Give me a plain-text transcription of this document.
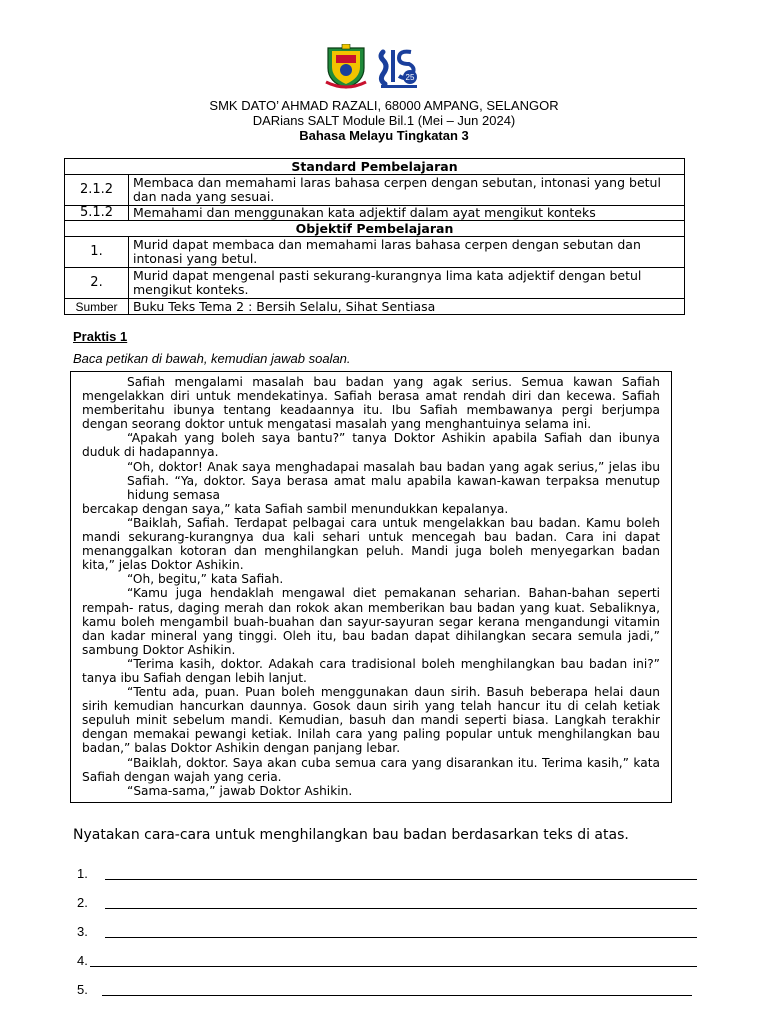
25
SMK DATO’ AHMAD RAZALI, 68000 AMPANG, SELANGOR
DARians SALT Module Bil.1 (Mei – Jun 2024)
Bahasa Melayu Tingkatan 3
Standard Pembelajaran	
2.1.2	Membaca dan memahami laras bahasa cerpen dengan sebutan, intonasi yang betul dan nada yang sesuai.
5.1.2	Memahami dan menggunakan kata adjektif dalam ayat mengikut konteks
Objektif Pembelajaran	
1.	Murid dapat membaca dan memahami laras bahasa cerpen dengan sebutan dan intonasi yang betul.
2.	Murid dapat mengenal pasti sekurang-kurangnya lima kata adjektif dengan betul mengikut konteks.
Sumber	Buku Teks Tema 2 : Bersih Selalu, Sihat Sentiasa
Praktis 1
Baca petikan di bawah, kemudian jawab soalan.

Safiah mengalami masalah bau badan yang agak serius. Semua kawan Safiah mengelakkan diri untuk mendekatinya. Safiah berasa amat rendah diri dan kecewa. Safiah memberitahu ibunya tentang keadaannya itu. Ibu Safiah membawanya pergi berjumpa dengan seorang doktor untuk mengatasi masalah yang menghantuinya selama ini.

“Apakah yang boleh saya bantu?” tanya Doktor Ashikin apabila Safiah dan ibunya duduk di hadapannya.

“Oh, doktor! Anak saya menghadapai masalah bau badan yang agak serius,” jelas ibu Safiah. “Ya, doktor. Saya berasa amat malu apabila kawan-kawan terpaksa menutup hidung semasa

bercakap dengan saya,” kata Safiah sambil menundukkan kepalanya.

“Baiklah, Safiah. Terdapat pelbagai cara untuk mengelakkan bau badan. Kamu boleh mandi sekurang-kurangnya dua kali sehari untuk mencegah bau badan. Cara ini dapat menanggalkan kotoran dan menghilangkan peluh. Mandi juga boleh menyegarkan badan kita,” jelas Doktor Ashikin.

“Oh, begitu,” kata Safiah.

“Kamu juga hendaklah mengawal diet pemakanan seharian. Bahan-bahan seperti rempah- ratus, daging merah dan rokok akan memberikan bau badan yang kuat. Sebaliknya, kamu boleh mengambil buah-buahan dan sayur-sayuran segar kerana mengandungi vitamin dan kadar mineral yang tinggi. Oleh itu, bau badan dapat dihilangkan secara semula jadi,” sambung Doktor Ashikin.

“Terima kasih, doktor. Adakah cara tradisional boleh menghilangkan bau badan ini?” tanya ibu Safiah dengan lebih lanjut.

“Tentu ada, puan. Puan boleh menggunakan daun sirih. Basuh beberapa helai daun sirih kemudian hancurkan daunnya. Gosok daun sirih yang telah hancur itu di celah ketiak sepuluh minit sebelum mandi. Kemudian, basuh dan mandi seperti biasa. Langkah terakhir dengan memakai pewangi ketiak. Inilah cara yang paling popular untuk menghilangkan bau badan,” balas Doktor Ashikin dengan panjang lebar.

“Baiklah, doktor. Saya akan cuba semua cara yang disarankan itu. Terima kasih,” kata Safiah dengan wajah yang ceria.

“Sama-sama,” jawab Doktor Ashikin.

Nyatakan cara-cara untuk menghilangkan bau badan berdasarkan teks di atas.
1.
2.
3.
4.
5.
